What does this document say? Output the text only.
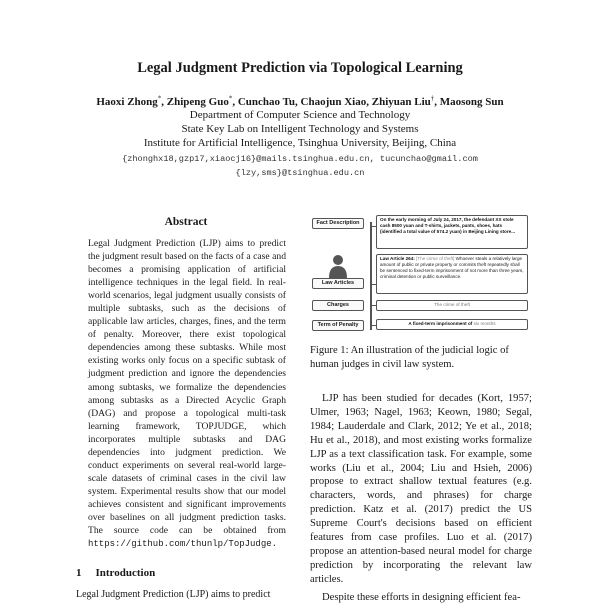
Legal Judgment Prediction via Topological Learning
Haoxi Zhong*, Zhipeng Guo*, Cunchao Tu, Chaojun Xiao, Zhiyuan Liu†, Maosong Sun
Department of Computer Science and Technology
State Key Lab on Intelligent Technology and Systems
Institute for Artificial Intelligence, Tsinghua University, Beijing, China
{zhonghx18,gzp17,xiaocj16}@mails.tsinghua.edu.cn, tucunchao@gmail.com
{lzy,sms}@tsinghua.edu.cn
Abstract
Legal Judgment Prediction (LJP) aims to predict the judgment result based on the facts of a case and becomes a promising application of artificial intelligence techniques in the legal field. In real-world scenarios, legal judgment usually consists of multiple subtasks, such as the decisions of applicable law articles, charges, fines, and the term of penalty. Moreover, there exist topological dependencies among these subtasks. While most existing works only focus on a specific subtask of judgment prediction and ignore the dependencies among subtasks, we formalize the dependencies among subtasks as a Directed Acyclic Graph (DAG) and propose a topological multi-task learning framework, TOPJUDGE, which incorporates multiple subtasks and DAG dependencies into judgment prediction. We conduct experiments on several real-world large-scale datasets of criminal cases in the civil law system. Experimental results show that our model achieves consistent and significant improvements over baselines on all judgment prediction tasks. The source code can be obtained from https://github.com/thunlp/TopJudge.
1 Introduction
Legal Judgment Prediction (LJP) aims to predict
Fact Description
Law Articles
Charges
Term of Penalty
On the early morning of July 24, 2017, the defendant XX stole cash 8500 yuan and T-shirts, jackets, pants, shoes, hats (identified a total value of 574.2 yuan) in Beijing Lining store...
Law Article 264: [The crime of theft] Whoever steals a relatively large amount of public or private property or commits theft repeatedly shall be sentenced to fixed-term imprisonment of not more than three years, criminal detention or public surveillance.
The crime of theft
A fixed-term imprisonment of six months
Figure 1: An illustration of the judicial logic of human judges in civil law system.
LJP has been studied for decades (Kort, 1957; Ulmer, 1963; Nagel, 1963; Keown, 1980; Segal, 1984; Lauderdale and Clark, 2012; Ye et al., 2018; Hu et al., 2018), and most existing works formalize LJP as a text classification task. For example, some works (Liu et al., 2004; Liu and Hsieh, 2006) propose to extract shallow textual features (e.g. characters, words, and phrases) for charge prediction. Katz et al. (2017) predict the US Supreme Court's decisions based on efficient features from case profiles. Luo et al. (2017) propose an attention-based neural model for charge prediction by incorporating the relevant law articles.
Despite these efforts in designing efficient fea-
